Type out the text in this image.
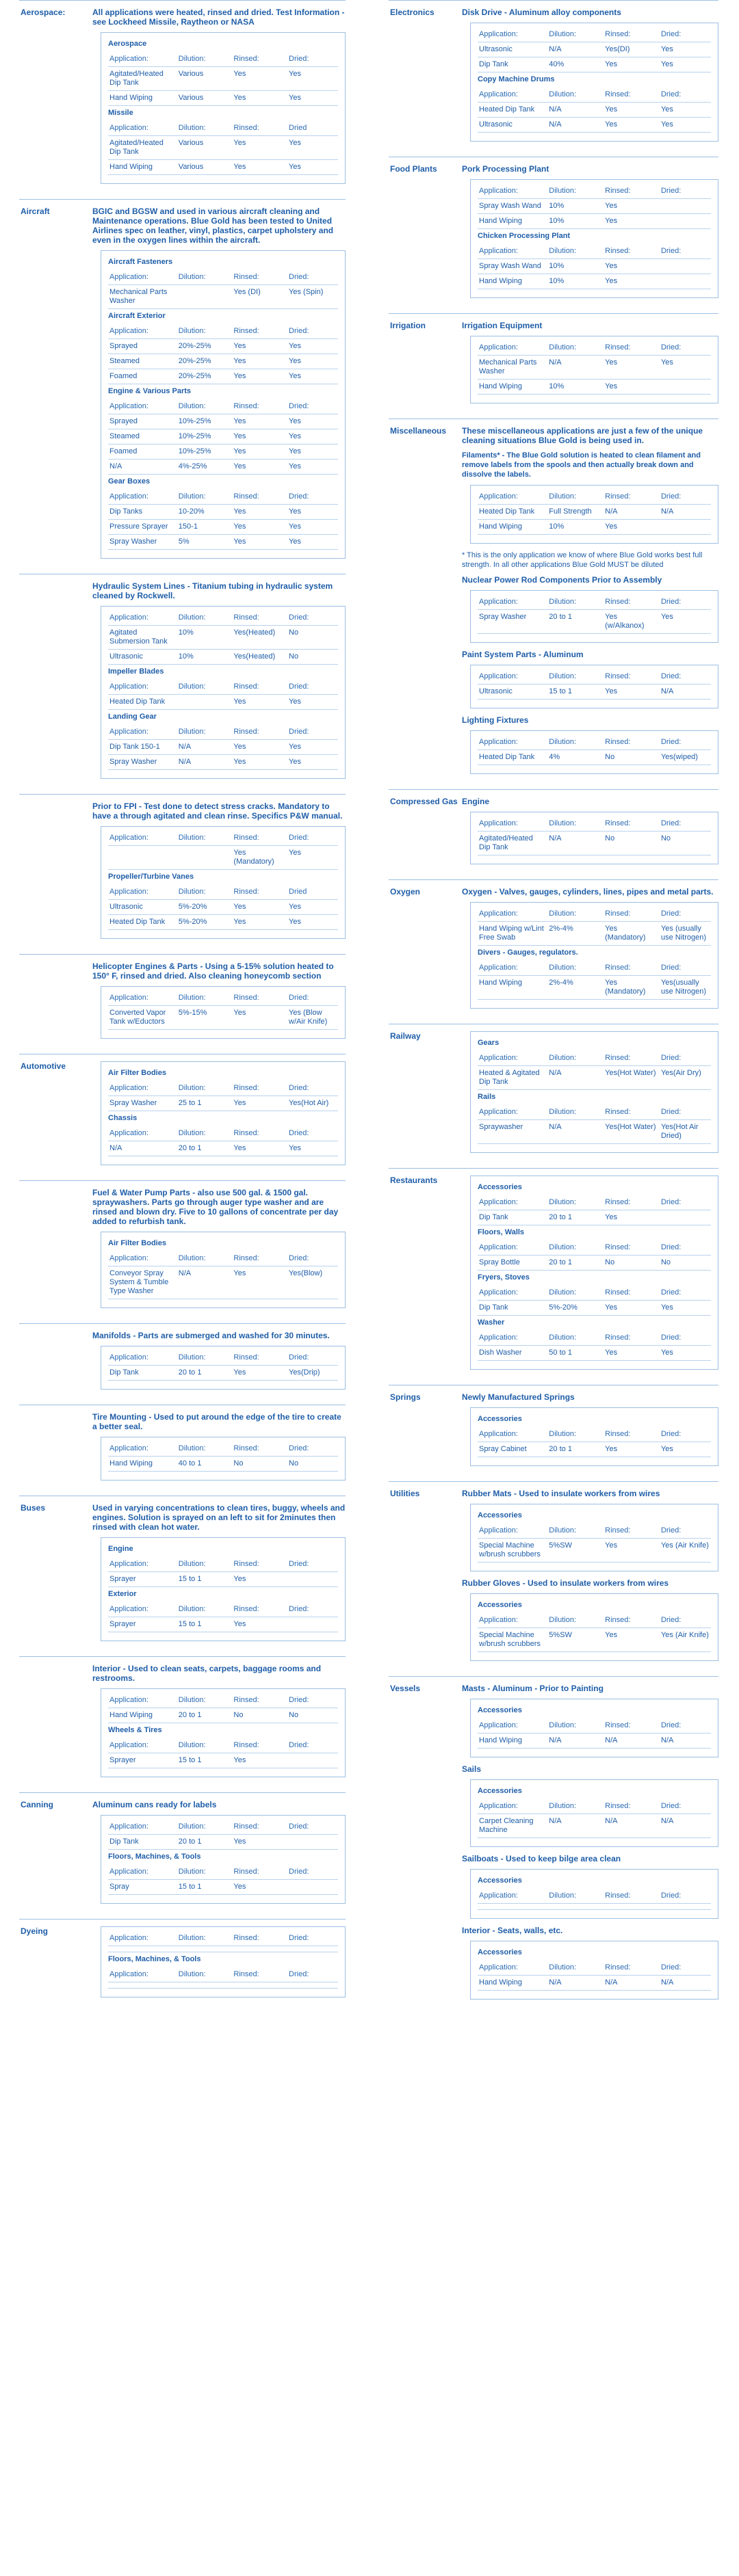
Aerospace:	All applications were heated, rinsed and dried. Test Information - see Lockheed Missile, Raytheon or NASA
Aerospace
Application:	Dilution:	Rinsed:	Dried:
Agitated/Heated Dip Tank	Various	Yes	Yes
Hand Wiping	Various	Yes	Yes
Missile
Application:	Dilution:	Rinsed:	Dried
Agitated/Heated Dip Tank	Various	Yes	Yes
Hand Wiping	Various	Yes	Yes
Aircraft	BGIC and BGSW and used in various aircraft cleaning and Maintenance operations. Blue Gold has been tested to United Airlines spec on leather, vinyl, plastics, carpet upholstery and even in the oxygen lines within the aircraft.
Aircraft Fasteners
Application:	Dilution:	Rinsed:	Dried:
Mechanical Parts Washer		Yes (DI)	Yes (Spin)
Aircraft Exterior
Application:	Dilution:	Rinsed:	Dried:
Sprayed	20%-25%	Yes	Yes
Steamed	20%-25%	Yes	Yes
Foamed	20%-25%	Yes	Yes
Engine & Various Parts
Application:	Dilution:	Rinsed:	Dried:
Sprayed	10%-25%	Yes	Yes
Steamed	10%-25%	Yes	Yes
Foamed	10%-25%	Yes	Yes
N/A	4%-25%	Yes	Yes
Gear Boxes
Application:	Dilution:	Rinsed:	Dried:
Dip Tanks	10-20%	Yes	Yes
Pressure Sprayer	150-1	Yes	Yes
Spray Washer	5%	Yes	Yes
Hydraulic System Lines - Titanium tubing in hydraulic system cleaned by Rockwell.
Application:	Dilution:	Rinsed:	Dried:
Agitated Submersion Tank	10%	Yes(Heated)	No
Ultrasonic	10%	Yes(Heated)	No
Impeller Blades
Application:	Dilution:	Rinsed:	Dried:
Heated Dip Tank		Yes	Yes
Landing Gear
Application:	Dilution:	Rinsed:	Dried:
Dip Tank 150-1	N/A	Yes	Yes
Spray Washer	N/A	Yes	Yes
Prior to FPI - Test done to detect stress cracks. Mandatory to have a through agitated and clean rinse. Specifics P&W manual.
Application:	Dilution:	Rinsed:	Dried:
		Yes (Mandatory)	Yes
Propeller/Turbine Vanes
Application:	Dilution:	Rinsed:	Dried
Ultrasonic	5%-20%	Yes	Yes
Heated Dip Tank	5%-20%	Yes	Yes
Helicopter Engines & Parts - Using a 5-15% solution heated to 150° F, rinsed and dried. Also cleaning honeycomb section
Application:	Dilution:	Rinsed:	Dried:
Converted Vapor Tank w/Eductors	5%-15%	Yes	Yes (Blow w/Air Knife)
Automotive
Air Filter Bodies
Application:	Dilution:	Rinsed:	Dried:
Spray Washer	25 to 1	Yes	Yes(Hot Air)
Chassis
Application:	Dilution:	Rinsed:	Dried:
N/A	20 to 1	Yes	Yes
Fuel & Water Pump Parts - also use 500 gal. & 1500 gal. spraywashers. Parts go through auger type washer and are rinsed and blown dry. Five to 10 gallons of concentrate per day added to refurbish tank.
Air Filter Bodies
Application:	Dilution:	Rinsed:	Dried:
Conveyor Spray System & Tumble Type Washer	N/A	Yes	Yes(Blow)
Manifolds - Parts are submerged and washed for 30 minutes.
Application:	Dilution:	Rinsed:	Dried:
Dip Tank	20 to 1	Yes	Yes(Drip)
Tire Mounting - Used to put around the edge of the tire to create a better seal.
Application:	Dilution:	Rinsed:	Dried:
Hand Wiping	40 to 1	No	No
Buses	Used in varying concentrations to clean tires, buggy, wheels and engines. Solution is sprayed on an left to sit for 2minutes then rinsed with clean hot water.
Engine
Application:	Dilution:	Rinsed:	Dried:
Sprayer	15 to 1	Yes	
Exterior
Application:	Dilution:	Rinsed:	Dried:
Sprayer	15 to 1	Yes	
Interior - Used to clean seats, carpets, baggage rooms and restrooms.
Application:	Dilution:	Rinsed:	Dried:
Hand Wiping	20 to 1	No	No
Wheels & Tires
Application:	Dilution:	Rinsed:	Dried:
Sprayer	15 to 1	Yes	
Canning	Aluminum cans ready for labels
Application:	Dilution:	Rinsed:	Dried:
Dip Tank	20 to 1	Yes	
Floors, Machines, & Tools
Application:	Dilution:	Rinsed:	Dried:
Spray	15 to 1	Yes	
Dyeing
Application:	Dilution:	Rinsed:	Dried:

Floors, Machines, & Tools
Application:	Dilution:	Rinsed:	Dried:

Electronics	Disk Drive - Aluminum alloy components
Application:	Dilution:	Rinsed:	Dried:
Ultrasonic	N/A	Yes(DI)	Yes
Dip Tank	40%	Yes	Yes
Copy Machine Drums
Application:	Dilution:	Rinsed:	Dried:
Heated Dip Tank	N/A	Yes	Yes
Ultrasonic	N/A	Yes	Yes
Food Plants	Pork Processing Plant
Application:	Dilution:	Rinsed:	Dried:
Spray Wash Wand	10%	Yes	
Hand Wiping	10%	Yes	
Chicken Processing Plant
Application:	Dilution:	Rinsed:	Dried:
Spray Wash Wand	10%	Yes	
Hand Wiping	10%	Yes	
Irrigation	Irrigation Equipment
Application:	Dilution:	Rinsed:	Dried:
Mechanical Parts Washer	N/A	Yes	Yes
Hand Wiping	10%	Yes	
Miscellaneous	These miscellaneous applications are just a few of the unique cleaning situations Blue Gold is being used in.
Filaments* - The Blue Gold solution is heated to clean filament and remove labels from the spools and then actually break down and dissolve the labels.
Application:	Dilution:	Rinsed:	Dried:
Heated Dip Tank	Full Strength	N/A	N/A
Hand Wiping	10%	Yes	
* This is the only application we know of where Blue Gold works best full strength. In all other applications Blue Gold MUST be diluted
Nuclear Power Rod Components Prior to Assembly
Application:	Dilution:	Rinsed:	Dried:
Spray Washer	20 to 1	Yes (w/Alkanox)	Yes
Paint System Parts - Aluminum
Application:	Dilution:	Rinsed:	Dried:
Ultrasonic	15 to 1	Yes	N/A
Lighting Fixtures
Application:	Dilution:	Rinsed:	Dried:
Heated Dip Tank	4%	No	Yes(wiped)
Compressed Gas Engine
Application:	Dilution:	Rinsed:	Dried:
Agitated/Heated Dip Tank	N/A	No	No
Oxygen	Oxygen - Valves, gauges, cylinders, lines, pipes and metal parts.
Application:	Dilution:	Rinsed:	Dried:
Hand Wiping w/Lint Free Swab	2%-4%	Yes (Mandatory)	Yes (usually use Nitrogen)
Divers - Gauges, regulators.
Application:	Dilution:	Rinsed:	Dried:
Hand Wiping	2%-4%	Yes (Mandatory)	Yes(usually use Nitrogen)
Railway
Gears
Application:	Dilution:	Rinsed:	Dried:
Heated & Agitated Dip Tank	N/A	Yes(Hot Water)	Yes(Air Dry)
Rails
Application:	Dilution:	Rinsed:	Dried:
Spraywasher	N/A	Yes(Hot Water)	Yes(Hot Air Dried)
Restaurants
Accessories
Application:	Dilution:	Rinsed:	Dried:
Dip Tank	20 to 1	Yes	
Floors, Walls
Application:	Dilution:	Rinsed:	Dried:
Spray Bottle	20 to 1	No	No
Fryers, Stoves
Application:	Dilution:	Rinsed:	Dried:
Dip Tank	5%-20%	Yes	Yes
Washer
Application:	Dilution:	Rinsed:	Dried:
Dish Washer	50 to 1	Yes	Yes
Springs	Newly Manufactured Springs
Accessories
Application:	Dilution:	Rinsed:	Dried:
Spray Cabinet	20 to 1	Yes	Yes
Utilities	Rubber Mats - Used to insulate workers from wires
Accessories
Application:	Dilution:	Rinsed:	Dried:
Special Machine w/brush scrubbers	5%SW	Yes	Yes (Air Knife)
Rubber Gloves - Used to insulate workers from wires
Accessories
Application:	Dilution:	Rinsed:	Dried:
Special Machine w/brush scrubbers	5%SW	Yes	Yes (Air Knife)
Vessels	Masts - Aluminum - Prior to Painting
Accessories
Application:	Dilution:	Rinsed:	Dried:
Hand Wiping	N/A	N/A	N/A
Sails
Accessories
Application:	Dilution:	Rinsed:	Dried:
Carpet Cleaning Machine	N/A	N/A	N/A
Sailboats - Used to keep bilge area clean
Accessories
Application:	Dilution:	Rinsed:	Dried:

Interior - Seats, walls, etc.
Accessories
Application:	Dilution:	Rinsed:	Dried:
Hand Wiping	N/A	N/A	N/A
